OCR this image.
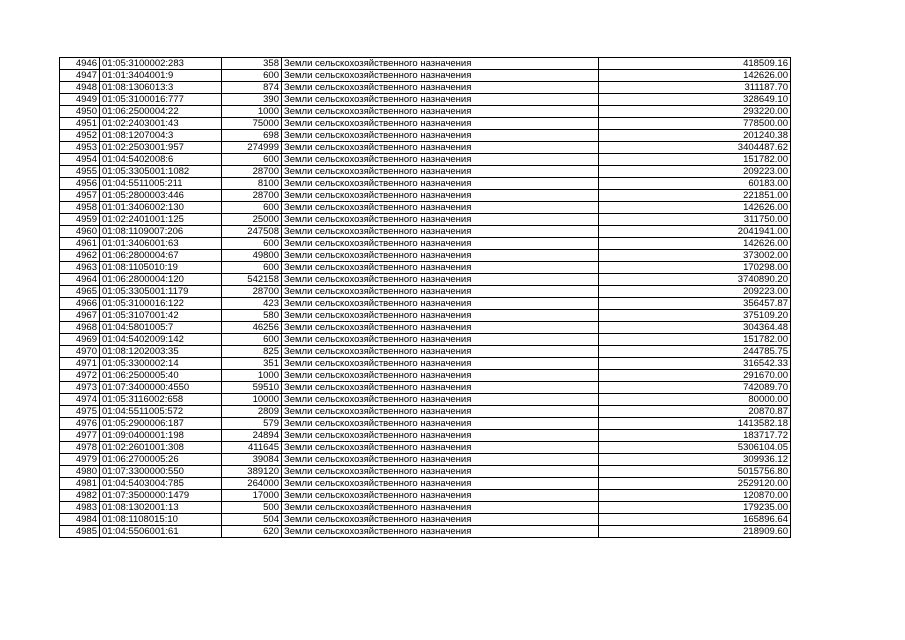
4946	01:05:3100002:283	358	Земли сельскохозяйственного назначения	418509.16
4947	01:01:3404001:9	600	Земли сельскохозяйственного назначения	142626.00
4948	01:08:1306013:3	874	Земли сельскохозяйственного назначения	311187.70
4949	01:05:3100016:777	390	Земли сельскохозяйственного назначения	328649.10
4950	01:06:2500004:22	1000	Земли сельскохозяйственного назначения	293220.00
4951	01:02:2403001:43	75000	Земли сельскохозяйственного назначения	778500.00
4952	01:08:1207004:3	698	Земли сельскохозяйственного назначения	201240.38
4953	01:02:2503001:957	274999	Земли сельскохозяйственного назначения	3404487.62
4954	01:04:5402008:6	600	Земли сельскохозяйственного назначения	151782.00
4955	01:05:3305001:1082	28700	Земли сельскохозяйственного назначения	209223.00
4956	01:04:5511005:211	8100	Земли сельскохозяйственного назначения	60183.00
4957	01:05:2800003:446	28700	Земли сельскохозяйственного назначения	221851.00
4958	01:01:3406002:130	600	Земли сельскохозяйственного назначения	142626.00
4959	01:02:2401001:125	25000	Земли сельскохозяйственного назначения	311750.00
4960	01:08:1109007:206	247508	Земли сельскохозяйственного назначения	2041941.00
4961	01:01:3406001:63	600	Земли сельскохозяйственного назначения	142626.00
4962	01:06:2800004:67	49800	Земли сельскохозяйственного назначения	373002.00
4963	01:08:1105010:19	600	Земли сельскохозяйственного назначения	170298.00
4964	01:06:2800004:120	542158	Земли сельскохозяйственного назначения	3740890.20
4965	01:05:3305001:1179	28700	Земли сельскохозяйственного назначения	209223.00
4966	01:05:3100016:122	423	Земли сельскохозяйственного назначения	356457.87
4967	01:05:3107001:42	580	Земли сельскохозяйственного назначения	375109.20
4968	01:04:5801005:7	46256	Земли сельскохозяйственного назначения	304364.48
4969	01:04:5402009:142	600	Земли сельскохозяйственного назначения	151782.00
4970	01:08:1202003:35	825	Земли сельскохозяйственного назначения	244785.75
4971	01:05:3300002:14	351	Земли сельскохозяйственного назначения	316542.33
4972	01:06:2500005:40	1000	Земли сельскохозяйственного назначения	291670.00
4973	01:07:3400000:4550	59510	Земли сельскохозяйственного назначения	742089.70
4974	01:05:3116002:658	10000	Земли сельскохозяйственного назначения	80000.00
4975	01:04:5511005:572	2809	Земли сельскохозяйственного назначения	20870.87
4976	01:05:2900006:187	579	Земли сельскохозяйственного назначения	1413582.18
4977	01:09:0400001:198	24894	Земли сельскохозяйственного назначения	183717.72
4978	01:02:2601001:308	411645	Земли сельскохозяйственного назначения	5306104.05
4979	01:06:2700005:26	39084	Земли сельскохозяйственного назначения	309936.12
4980	01:07:3300000:550	389120	Земли сельскохозяйственного назначения	5015756.80
4981	01:04:5403004:785	264000	Земли сельскохозяйственного назначения	2529120.00
4982	01:07:3500000:1479	17000	Земли сельскохозяйственного назначения	120870.00
4983	01:08:1302001:13	500	Земли сельскохозяйственного назначения	179235.00
4984	01:08:1108015:10	504	Земли сельскохозяйственного назначения	165896.64
4985	01:04:5506001:61	620	Земли сельскохозяйственного назначения	218909.60
